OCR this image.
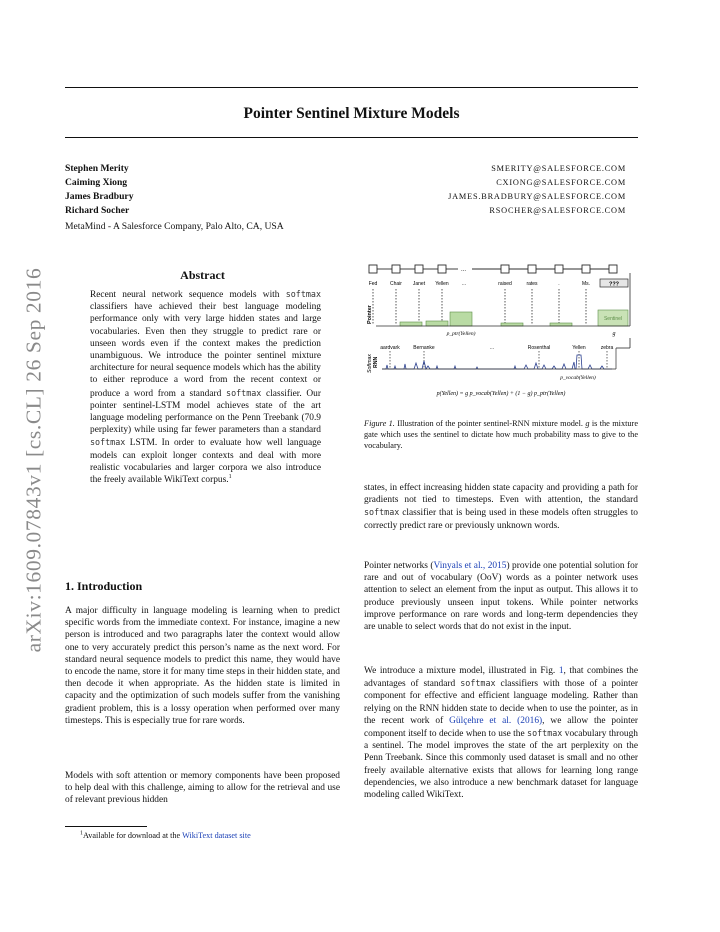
arXiv:1609.07843v1 [cs.CL] 26 Sep 2016
Pointer Sentinel Mixture Models
Stephen Merity	SMERITY@SALESFORCE.COM
Caiming Xiong	CXIONG@SALESFORCE.COM
James Bradbury	JAMES.BRADBURY@SALESFORCE.COM
Richard Socher	RSOCHER@SALESFORCE.COM
MetaMind - A Salesforce Company, Palo Alto, CA, USA
Abstract
Recent neural network sequence models with softmax classifiers have achieved their best language modeling performance only with very large hidden states and large vocabularies. Even then they struggle to predict rare or unseen words even if the context makes the prediction unambiguous. We introduce the pointer sentinel mixture architecture for neural sequence models which has the ability to either reproduce a word from the recent context or produce a word from a standard softmax classifier. Our pointer sentinel-LSTM model achieves state of the art language modeling performance on the Penn Treebank (70.9 perplexity) while using far fewer parameters than a standard softmax LSTM. In order to evaluate how well language models can exploit longer contexts and deal with more realistic vocabularies and larger corpora we also introduce the freely available WikiText corpus.$^1$
1. Introduction

A major difficulty in language modeling is learning when to predict specific words from the immediate context. For instance, imagine a new person is introduced and two paragraphs later the context would allow one to very accurately predict this person’s name as the next word. For standard neural sequence models to predict this name, they would have to encode the name, store it for many time steps in their hidden state, and then decode it when appropriate. As the hidden state is limited in capacity and the optimization of such models suffer from the vanishing gradient problem, this is a lossy operation when performed over many timesteps. This is especially true for rare words.

Models with soft attention or memory components have been proposed to help deal with this challenge, aiming to allow for the retrieval and use of relevant previous hidden

$^1$Available for download at the WikiText dataset site
...
Fed	Chair Janet Yellen	...	raised	rates	.	Ms.	???
Pointer	Sentinel
p_ptr(Yellen)	g
aardvark	Bernanke	...	Rosenthal	Yellen	zebra
Softmax RNN
p_vocab(Yellen)
p(Yellen) = g p_vocab(Yellen) + (1 − g) p_ptr(Yellen)
Figure 1. Illustration of the pointer sentinel-RNN mixture model. g is the mixture gate which uses the sentinel to dictate how much probability mass to give to the vocabulary.

states, in effect increasing hidden state capacity and providing a path for gradients not tied to timesteps. Even with attention, the standard softmax classifier that is being used in these models often struggles to correctly predict rare or previously unknown words.

Pointer networks (Vinyals et al., 2015) provide one potential solution for rare and out of vocabulary (OoV) words as a pointer network uses attention to select an element from the input as output. This allows it to produce previously unseen input tokens. While pointer networks improve performance on rare words and long-term dependencies they are unable to select words that do not exist in the input.

We introduce a mixture model, illustrated in Fig. 1, that combines the advantages of standard softmax classifiers with those of a pointer component for effective and efficient language modeling. Rather than relying on the RNN hidden state to decide when to use the pointer, as in the recent work of Gülçehre et al. (2016), we allow the pointer component itself to decide when to use the softmax vocabulary through a sentinel. The model improves the state of the art perplexity on the Penn Treebank. Since this commonly used dataset is small and no other freely available alternative exists that allows for learning long range dependencies, we also introduce a new benchmark dataset for language modeling called WikiText.
